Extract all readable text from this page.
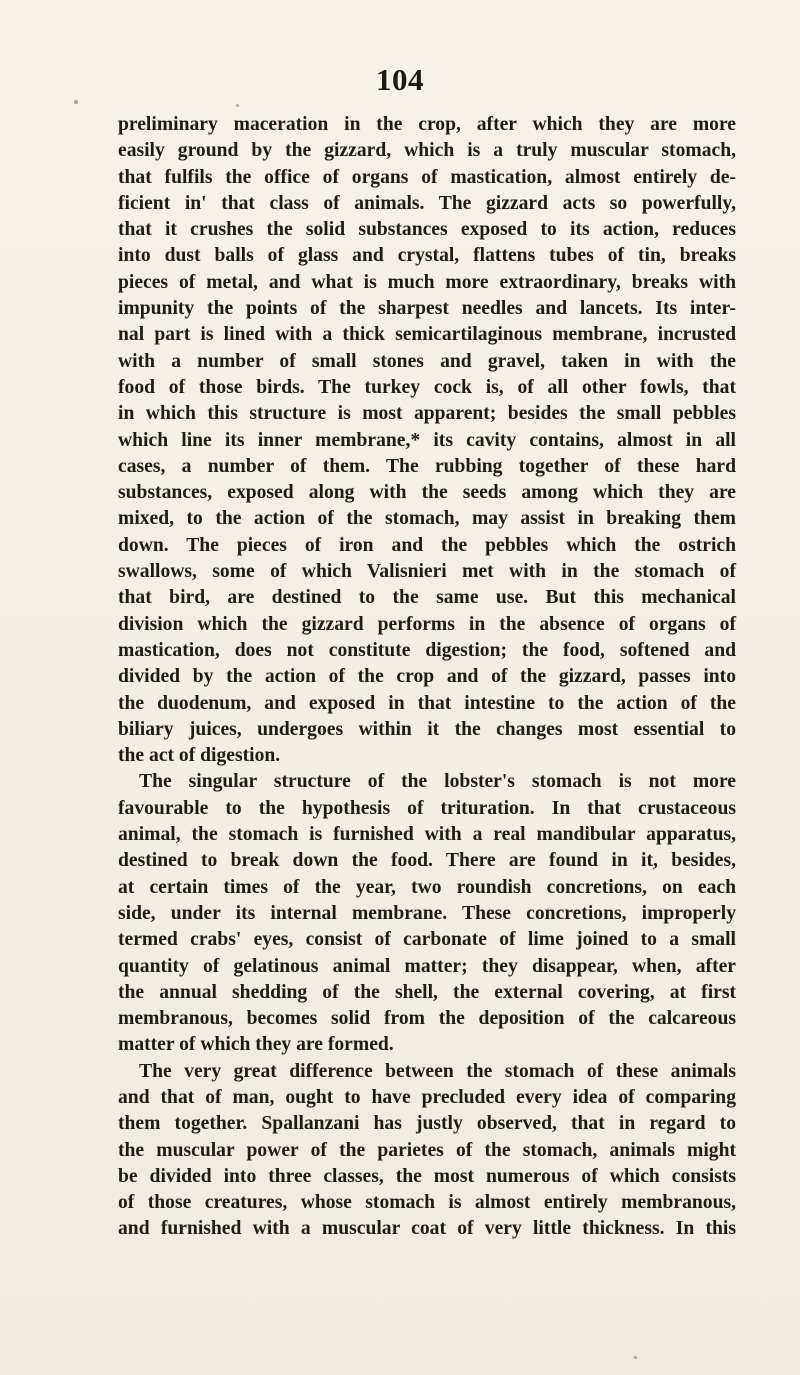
104
preliminary maceration in the crop, after which they are more
easily ground by the gizzard, which is a truly muscular stomach,
that fulfils the office of organs of mastication, almost entirely de-
ficient in' that class of animals. The gizzard acts so powerfully,
that it crushes the solid substances exposed to its action, reduces
into dust balls of glass and crystal, flattens tubes of tin, breaks
pieces of metal, and what is much more extraordinary, breaks with
impunity the points of the sharpest needles and lancets. Its inter-
nal part is lined with a thick semicartilaginous membrane, incrusted
with a number of small stones and gravel, taken in with the
food of those birds. The turkey cock is, of all other fowls, that
in which this structure is most apparent; besides the small pebbles
which line its inner membrane,* its cavity contains, almost in all
cases, a number of them. The rubbing together of these hard
substances, exposed along with the seeds among which they are
mixed, to the action of the stomach, may assist in breaking them
down. The pieces of iron and the pebbles which the ostrich
swallows, some of which Valisnieri met with in the stomach of
that bird, are destined to the same use. But this mechanical
division which the gizzard performs in the absence of organs of
mastication, does not constitute digestion; the food, softened and
divided by the action of the crop and of the gizzard, passes into
the duodenum, and exposed in that intestine to the action of the
biliary juices, undergoes within it the changes most essential to
the act of digestion.
The singular structure of the lobster's stomach is not more
favourable to the hypothesis of trituration. In that crustaceous
animal, the stomach is furnished with a real mandibular apparatus,
destined to break down the food. There are found in it, besides,
at certain times of the year, two roundish concretions, on each
side, under its internal membrane. These concretions, improperly
termed crabs' eyes, consist of carbonate of lime joined to a small
quantity of gelatinous animal matter; they disappear, when, after
the annual shedding of the shell, the external covering, at first
membranous, becomes solid from the deposition of the calcareous
matter of which they are formed.
The very great difference between the stomach of these animals
and that of man, ought to have precluded every idea of comparing
them together. Spallanzani has justly observed, that in regard to
the muscular power of the parietes of the stomach, animals might
be divided into three classes, the most numerous of which consists
of those creatures, whose stomach is almost entirely membranous,
and furnished with a muscular coat of very little thickness. In this
